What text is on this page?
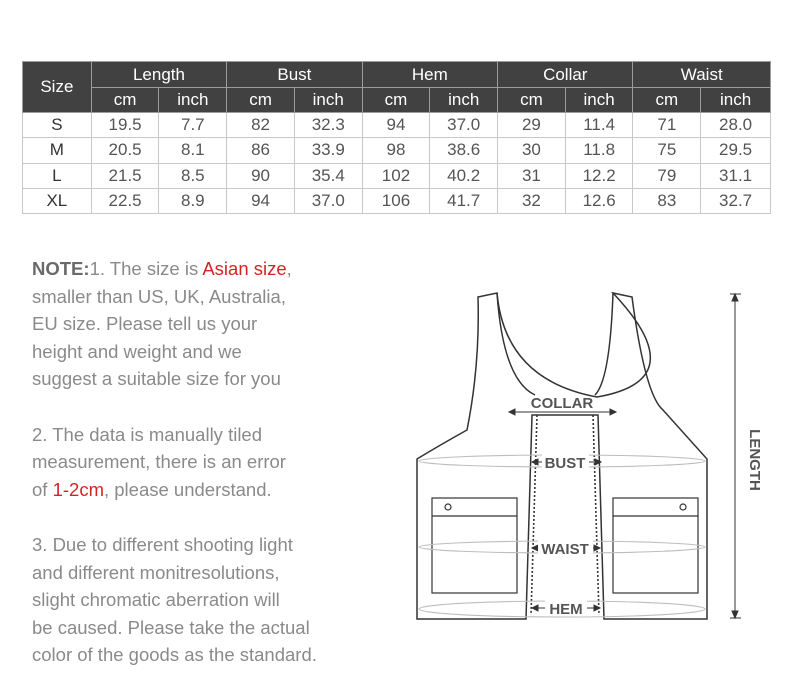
Size	Length		Bust		Hem		Collar		Waist	
	cm	inch	cm	inch	cm	inch	cm	inch	cm	inch
S	19.5	7.7	82	32.3	94	37.0	29	11.4	71	28.0
M	20.5	8.1	86	33.9	98	38.6	30	11.8	75	29.5
L	21.5	8.5	90	35.4	102	40.2	31	12.2	79	31.1
XL	22.5	8.9	94	37.0	106	41.7	32	12.6	83	32.7

NOTE:1. The size is Asian size,
smaller than US, UK, Australia,
EU size. Please tell us your
height and weight and we
suggest a suitable size for you

2. The data is manually tiled
measurement, there is an error
of 1-2cm, please understand.

3. Due to different shooting light
and different monitresolutions,
slight chromatic aberration will
be caused. Please take the actual
color of the goods as the standard.

COLLAR
BUST
WAIST
HEM
LENGTH
